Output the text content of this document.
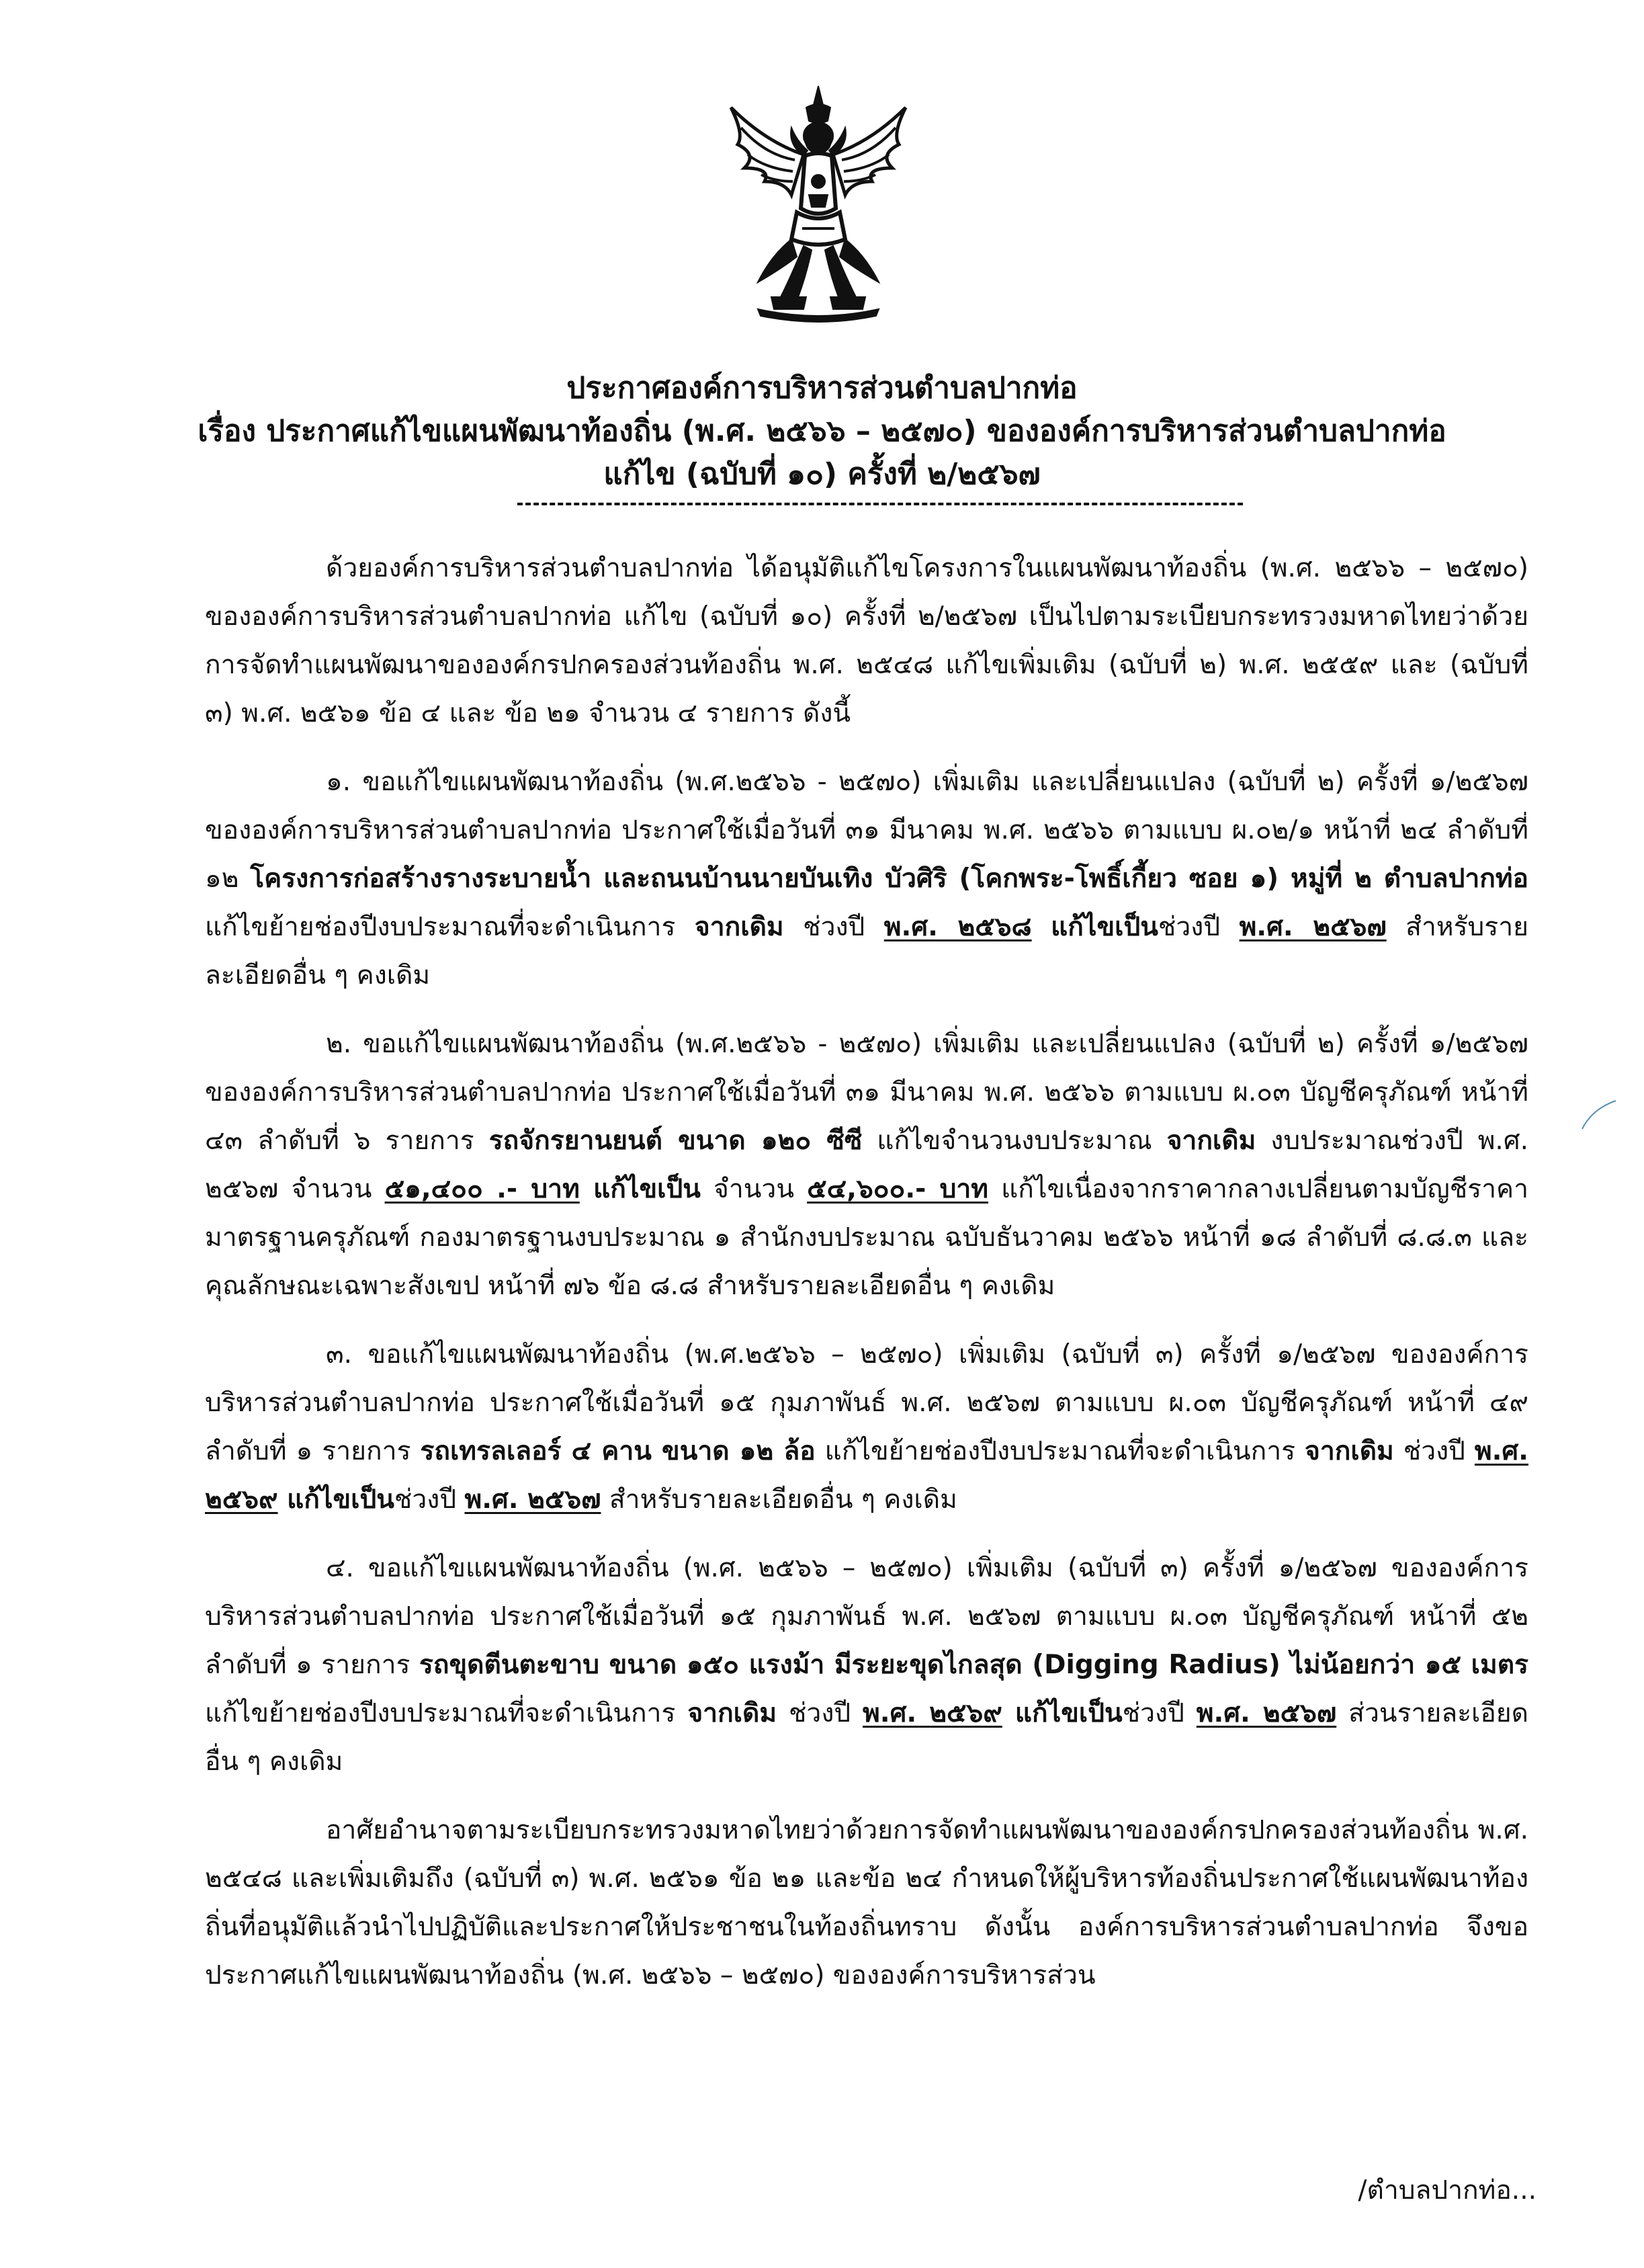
ประกาศองค์การบริหารส่วนตำบลปากท่อ
เรื่อง ประกาศแก้ไขแผนพัฒนาท้องถิ่น (พ.ศ. ๒๕๖๖ – ๒๕๗๐) ขององค์การบริหารส่วนตำบลปากท่อ
แก้ไข (ฉบับที่ ๑๐) ครั้งที่ ๒/๒๕๖๗

ด้วยองค์การบริหารส่วนตำบลปากท่อ ได้อนุมัติแก้ไขโครงการในแผนพัฒนาท้องถิ่น (พ.ศ. ๒๕๖๖ – ๒๕๗๐) ขององค์การบริหารส่วนตำบลปากท่อ แก้ไข (ฉบับที่ ๑๐) ครั้งที่ ๒/๒๕๖๗ เป็นไปตามระเบียบกระทรวงมหาดไทยว่าด้วยการจัดทำแผนพัฒนาขององค์กรปกครองส่วนท้องถิ่น พ.ศ. ๒๕๔๘ แก้ไขเพิ่มเติม (ฉบับที่ ๒) พ.ศ. ๒๕๕๙ และ (ฉบับที่ ๓) พ.ศ. ๒๕๖๑ ข้อ ๔ และ ข้อ ๒๑ จำนวน ๔ รายการ ดังนี้

๑. ขอแก้ไขแผนพัฒนาท้องถิ่น (พ.ศ.๒๕๖๖ - ๒๕๗๐) เพิ่มเติม และเปลี่ยนแปลง (ฉบับที่ ๒) ครั้งที่ ๑/๒๕๖๗ ขององค์การบริหารส่วนตำบลปากท่อ ประกาศใช้เมื่อวันที่ ๓๑ มีนาคม พ.ศ. ๒๕๖๖ ตามแบบ ผ.๐๒/๑ หน้าที่ ๒๔ ลำดับที่ ๑๒ โครงการก่อสร้างรางระบายน้ำ และถนนบ้านนายบันเทิง บัวศิริ (โคกพระ-โพธิ์เกี้ยว ซอย ๑) หมู่ที่ ๒ ตำบลปากท่อ แก้ไขย้ายช่องปีงบประมาณที่จะดำเนินการ จากเดิม ช่วงปี พ.ศ. ๒๕๖๘ แก้ไขเป็นช่วงปี พ.ศ. ๒๕๖๗ สำหรับรายละเอียดอื่น ๆ คงเดิม

๒. ขอแก้ไขแผนพัฒนาท้องถิ่น (พ.ศ.๒๕๖๖ - ๒๕๗๐) เพิ่มเติม และเปลี่ยนแปลง (ฉบับที่ ๒) ครั้งที่ ๑/๒๕๖๗ ขององค์การบริหารส่วนตำบลปากท่อ ประกาศใช้เมื่อวันที่ ๓๑ มีนาคม พ.ศ. ๒๕๖๖ ตามแบบ ผ.๐๓ บัญชีครุภัณฑ์ หน้าที่ ๔๓ ลำดับที่ ๖ รายการ รถจักรยานยนต์ ขนาด ๑๒๐ ซีซี แก้ไขจำนวนงบประมาณ จากเดิม งบประมาณช่วงปี พ.ศ. ๒๕๖๗ จำนวน ๕๑,๔๐๐ .- บาท แก้ไขเป็น จำนวน ๕๔,๖๐๐.- บาท แก้ไขเนื่องจากราคากลางเปลี่ยนตามบัญชีราคามาตรฐานครุภัณฑ์ กองมาตรฐานงบประมาณ ๑ สำนักงบประมาณ ฉบับธันวาคม ๒๕๖๖ หน้าที่ ๑๘ ลำดับที่ ๘.๘.๓ และคุณลักษณะเฉพาะสังเขป หน้าที่ ๗๖ ข้อ ๘.๘ สำหรับรายละเอียดอื่น ๆ คงเดิม

๓. ขอแก้ไขแผนพัฒนาท้องถิ่น (พ.ศ.๒๕๖๖ – ๒๕๗๐) เพิ่มเติม (ฉบับที่ ๓) ครั้งที่ ๑/๒๕๖๗ ขององค์การบริหารส่วนตำบลปากท่อ ประกาศใช้เมื่อวันที่ ๑๕ กุมภาพันธ์ พ.ศ. ๒๕๖๗ ตามแบบ ผ.๐๓ บัญชีครุภัณฑ์ หน้าที่ ๔๙ ลำดับที่ ๑ รายการ รถเทรลเลอร์ ๔ คาน ขนาด ๑๒ ล้อ แก้ไขย้ายช่องปีงบประมาณที่จะดำเนินการ จากเดิม ช่วงปี พ.ศ. ๒๕๖๙ แก้ไขเป็นช่วงปี พ.ศ. ๒๕๖๗ สำหรับรายละเอียดอื่น ๆ คงเดิม

๔. ขอแก้ไขแผนพัฒนาท้องถิ่น (พ.ศ. ๒๕๖๖ – ๒๕๗๐) เพิ่มเติม (ฉบับที่ ๓) ครั้งที่ ๑/๒๕๖๗ ขององค์การบริหารส่วนตำบลปากท่อ ประกาศใช้เมื่อวันที่ ๑๕ กุมภาพันธ์ พ.ศ. ๒๕๖๗ ตามแบบ ผ.๐๓ บัญชีครุภัณฑ์ หน้าที่ ๕๒ ลำดับที่ ๑ รายการ รถขุดตีนตะขาบ ขนาด ๑๕๐ แรงม้า มีระยะขุดไกลสุด (Digging Radius) ไม่น้อยกว่า ๑๕ เมตร แก้ไขย้ายช่องปีงบประมาณที่จะดำเนินการ จากเดิม ช่วงปี พ.ศ. ๒๕๖๙ แก้ไขเป็นช่วงปี พ.ศ. ๒๕๖๗ ส่วนรายละเอียดอื่น ๆ คงเดิม

อาศัยอำนาจตามระเบียบกระทรวงมหาดไทยว่าด้วยการจัดทำแผนพัฒนาขององค์กรปกครองส่วนท้องถิ่น พ.ศ. ๒๕๔๘ และเพิ่มเติมถึง (ฉบับที่ ๓) พ.ศ. ๒๕๖๑ ข้อ ๒๑ และข้อ ๒๔ กำหนดให้ผู้บริหารท้องถิ่นประกาศใช้แผนพัฒนาท้องถิ่นที่อนุมัติแล้วนำไปปฏิบัติและประกาศให้ประชาชนในท้องถิ่นทราบ ดังนั้น องค์การบริหารส่วนตำบลปากท่อ จึงขอประกาศแก้ไขแผนพัฒนาท้องถิ่น (พ.ศ. ๒๕๖๖ – ๒๕๗๐) ขององค์การบริหารส่วน

/ตำบลปากท่อ...
